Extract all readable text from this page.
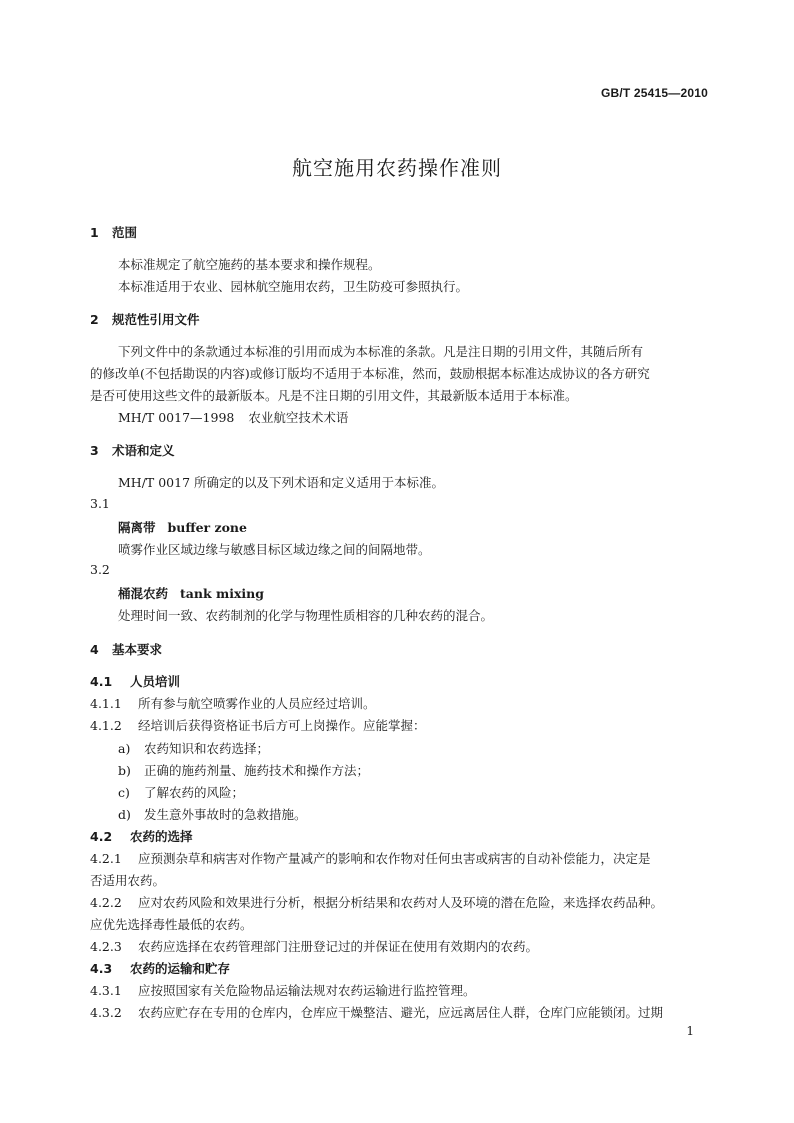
GB/T 25415—2010
航空施用农药操作准则
1 范围
本标准规定了航空施药的基本要求和操作规程。
本标准适用于农业、园林航空施用农药，卫生防疫可参照执行。
2 规范性引用文件
下列文件中的条款通过本标准的引用而成为本标准的条款。凡是注日期的引用文件，其随后所有
的修改单(不包括勘误的内容)或修订版均不适用于本标准，然而，鼓励根据本标准达成协议的各方研究
是否可使用这些文件的最新版本。凡是不注日期的引用文件，其最新版本适用于本标准。
MH/T 0017—1998 农业航空技术术语
3 术语和定义
MH/T 0017 所确定的以及下列术语和定义适用于本标准。
3.1
隔离带 buffer zone
喷雾作业区域边缘与敏感目标区域边缘之间的间隔地带。
3.2
桶混农药 tank mixing
处理时间一致、农药制剂的化学与物理性质相容的几种农药的混合。
4 基本要求
4.1 人员培训
4.1.1 所有参与航空喷雾作业的人员应经过培训。
4.1.2 经培训后获得资格证书后方可上岗操作。应能掌握：
a) 农药知识和农药选择；
b) 正确的施药剂量、施药技术和操作方法；
c) 了解农药的风险；
d) 发生意外事故时的急救措施。
4.2 农药的选择
4.2.1 应预测杂草和病害对作物产量减产的影响和农作物对任何虫害或病害的自动补偿能力，决定是
否适用农药。
4.2.2 应对农药风险和效果进行分析，根据分析结果和农药对人及环境的潜在危险，来选择农药品种。
应优先选择毒性最低的农药。
4.2.3 农药应选择在农药管理部门注册登记过的并保证在使用有效期内的农药。
4.3 农药的运输和贮存
4.3.1 应按照国家有关危险物品运输法规对农药运输进行监控管理。
4.3.2 农药应贮存在专用的仓库内，仓库应干燥整洁、避光，应远离居住人群，仓库门应能锁闭。过期
1
